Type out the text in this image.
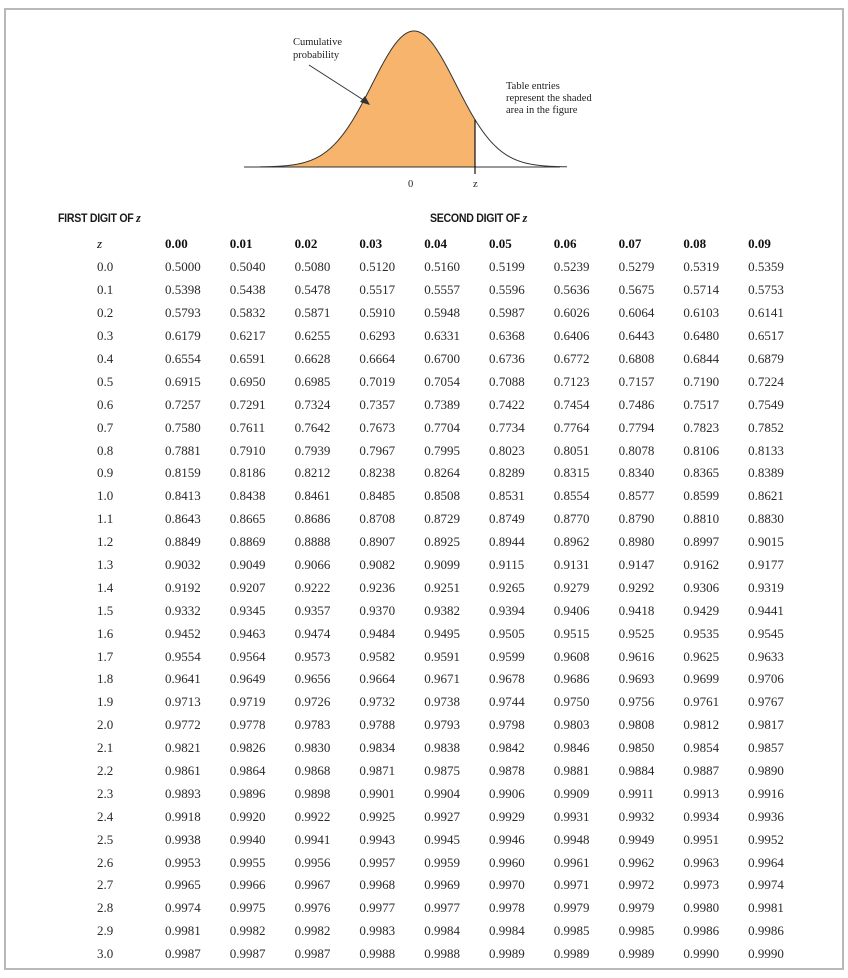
Cumulative
probability
Table entries
represent the shaded
area in the figure
0	z
FIRST DIGIT OF z	SECOND DIGIT OF z
z	0.00	0.01	0.02	0.03	0.04	0.05	0.06	0.07	0.08	0.09
0.0	0.5000	0.5040	0.5080	0.5120	0.5160	0.5199	0.5239	0.5279	0.5319	0.5359
0.1	0.5398	0.5438	0.5478	0.5517	0.5557	0.5596	0.5636	0.5675	0.5714	0.5753
0.2	0.5793	0.5832	0.5871	0.5910	0.5948	0.5987	0.6026	0.6064	0.6103	0.6141
0.3	0.6179	0.6217	0.6255	0.6293	0.6331	0.6368	0.6406	0.6443	0.6480	0.6517
0.4	0.6554	0.6591	0.6628	0.6664	0.6700	0.6736	0.6772	0.6808	0.6844	0.6879
0.5	0.6915	0.6950	0.6985	0.7019	0.7054	0.7088	0.7123	0.7157	0.7190	0.7224
0.6	0.7257	0.7291	0.7324	0.7357	0.7389	0.7422	0.7454	0.7486	0.7517	0.7549
0.7	0.7580	0.7611	0.7642	0.7673	0.7704	0.7734	0.7764	0.7794	0.7823	0.7852
0.8	0.7881	0.7910	0.7939	0.7967	0.7995	0.8023	0.8051	0.8078	0.8106	0.8133
0.9	0.8159	0.8186	0.8212	0.8238	0.8264	0.8289	0.8315	0.8340	0.8365	0.8389
1.0	0.8413	0.8438	0.8461	0.8485	0.8508	0.8531	0.8554	0.8577	0.8599	0.8621
1.1	0.8643	0.8665	0.8686	0.8708	0.8729	0.8749	0.8770	0.8790	0.8810	0.8830
1.2	0.8849	0.8869	0.8888	0.8907	0.8925	0.8944	0.8962	0.8980	0.8997	0.9015
1.3	0.9032	0.9049	0.9066	0.9082	0.9099	0.9115	0.9131	0.9147	0.9162	0.9177
1.4	0.9192	0.9207	0.9222	0.9236	0.9251	0.9265	0.9279	0.9292	0.9306	0.9319
1.5	0.9332	0.9345	0.9357	0.9370	0.9382	0.9394	0.9406	0.9418	0.9429	0.9441
1.6	0.9452	0.9463	0.9474	0.9484	0.9495	0.9505	0.9515	0.9525	0.9535	0.9545
1.7	0.9554	0.9564	0.9573	0.9582	0.9591	0.9599	0.9608	0.9616	0.9625	0.9633
1.8	0.9641	0.9649	0.9656	0.9664	0.9671	0.9678	0.9686	0.9693	0.9699	0.9706
1.9	0.9713	0.9719	0.9726	0.9732	0.9738	0.9744	0.9750	0.9756	0.9761	0.9767
2.0	0.9772	0.9778	0.9783	0.9788	0.9793	0.9798	0.9803	0.9808	0.9812	0.9817
2.1	0.9821	0.9826	0.9830	0.9834	0.9838	0.9842	0.9846	0.9850	0.9854	0.9857
2.2	0.9861	0.9864	0.9868	0.9871	0.9875	0.9878	0.9881	0.9884	0.9887	0.9890
2.3	0.9893	0.9896	0.9898	0.9901	0.9904	0.9906	0.9909	0.9911	0.9913	0.9916
2.4	0.9918	0.9920	0.9922	0.9925	0.9927	0.9929	0.9931	0.9932	0.9934	0.9936
2.5	0.9938	0.9940	0.9941	0.9943	0.9945	0.9946	0.9948	0.9949	0.9951	0.9952
2.6	0.9953	0.9955	0.9956	0.9957	0.9959	0.9960	0.9961	0.9962	0.9963	0.9964
2.7	0.9965	0.9966	0.9967	0.9968	0.9969	0.9970	0.9971	0.9972	0.9973	0.9974
2.8	0.9974	0.9975	0.9976	0.9977	0.9977	0.9978	0.9979	0.9979	0.9980	0.9981
2.9	0.9981	0.9982	0.9982	0.9983	0.9984	0.9984	0.9985	0.9985	0.9986	0.9986
3.0	0.9987	0.9987	0.9987	0.9988	0.9988	0.9989	0.9989	0.9989	0.9990	0.9990
